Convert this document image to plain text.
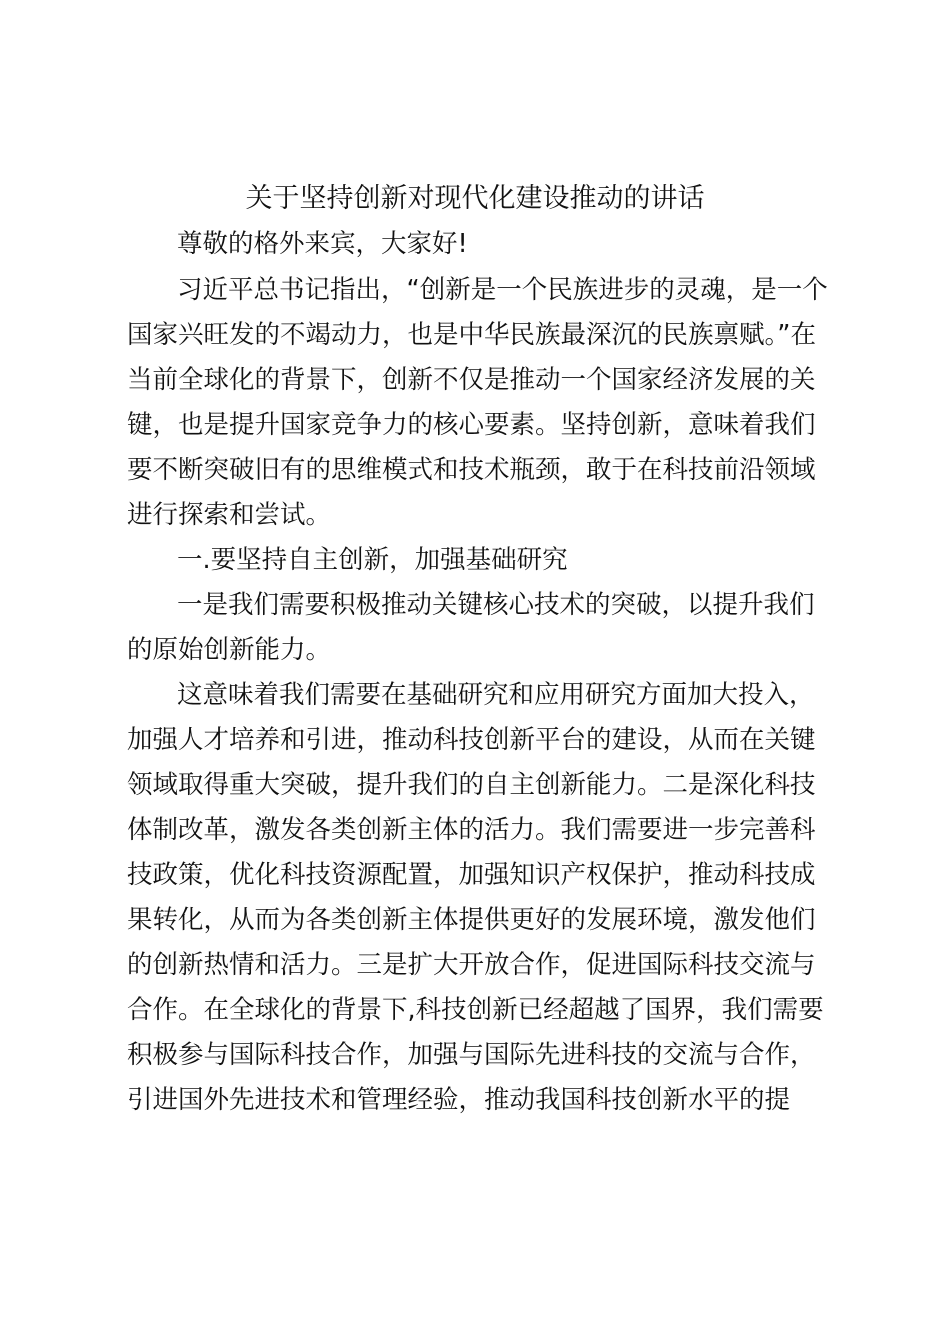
关于坚持创新对现代化建设推动的讲话

尊敬的格外来宾，大家好!

习近平总书记指出，“创新是一个民族进步的灵魂，是一个

国家兴旺发的不竭动力，也是中华民族最深沉的民族禀赋。”在

当前全球化的背景下，创新不仅是推动一个国家经济发展的关

键，也是提升国家竞争力的核心要素。坚持创新，意味着我们

要不断突破旧有的思维模式和技术瓶颈，敢于在科技前沿领域

进行探索和尝试。

一.要坚持自主创新，加强基础研究

一是我们需要积极推动关键核心技术的突破，以提升我们

的原始创新能力。

这意味着我们需要在基础研究和应用研究方面加大投入，

加强人才培养和引进，推动科技创新平台的建设，从而在关键

领域取得重大突破，提升我们的自主创新能力。二是深化科技

体制改革，激发各类创新主体的活力。我们需要进一步完善科

技政策，优化科技资源配置，加强知识产权保护，推动科技成

果转化，从而为各类创新主体提供更好的发展环境，激发他们

的创新热情和活力。三是扩大开放合作，促进国际科技交流与

合作。在全球化的背景下,科技创新已经超越了国界，我们需要

积极参与国际科技合作，加强与国际先进科技的交流与合作，

引进国外先进技术和管理经验，推动我国科技创新水平的提
